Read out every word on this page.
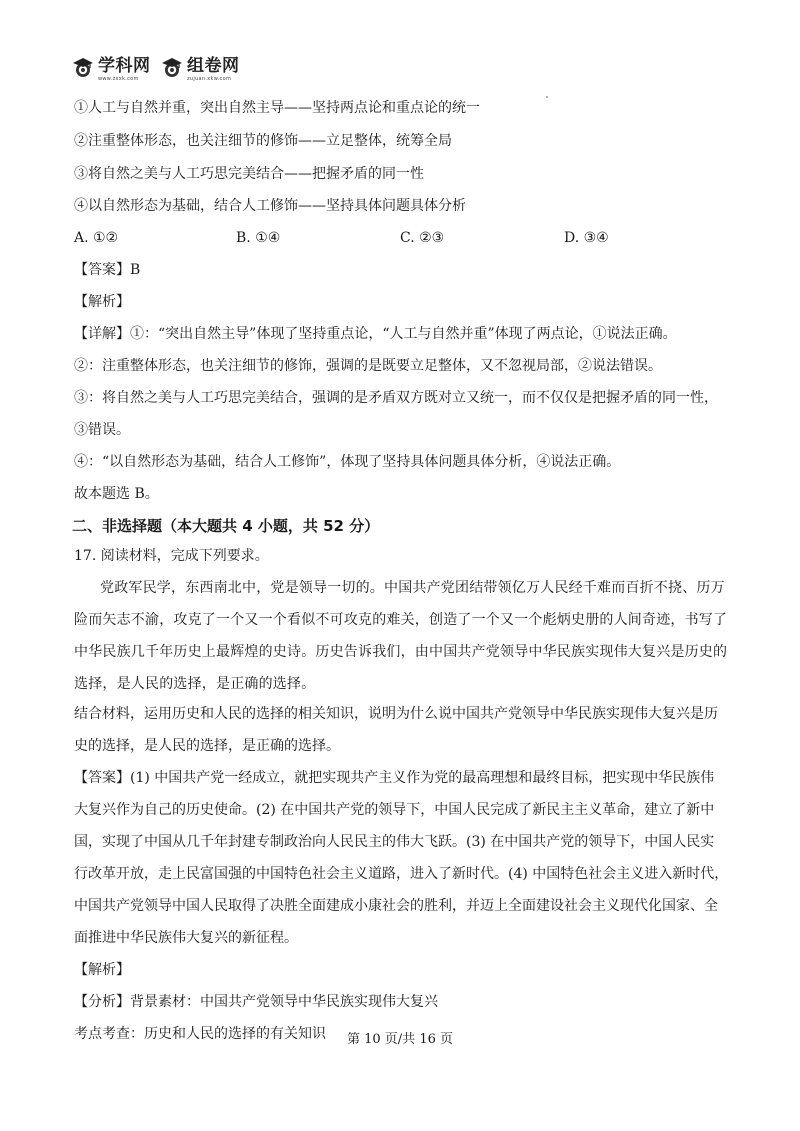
学科网
www.zxxk.com
组卷网
zujuan.xkw.com
①人工与自然并重，突出自然主导——坚持两点论和重点论的统一
②注重整体形态，也关注细节的修饰——立足整体，统筹全局
③将自然之美与人工巧思完美结合——把握矛盾的同一性
④以自然形态为基础，结合人工修饰——坚持具体问题具体分析
A. ①②	B. ①④	C. ②③	D. ③④
【答案】B
【解析】
【详解】①：“突出自然主导”体现了坚持重点论，“人工与自然并重”体现了两点论，①说法正确。
②：注重整体形态，也关注细节的修饰，强调的是既要立足整体，又不忽视局部，②说法错误。
③：将自然之美与人工巧思完美结合，强调的是矛盾双方既对立又统一，而不仅仅是把握矛盾的同一性，
③错误。
④：“以自然形态为基础，结合人工修饰”，体现了坚持具体问题具体分析，④说法正确。
故本题选 B。
二、非选择题（本大题共 4 小题，共 52 分）
17. 阅读材料，完成下列要求。
党政军民学，东西南北中，党是领导一切的。中国共产党团结带领亿万人民经千难而百折不挠、历万
险而矢志不渝，攻克了一个又一个看似不可攻克的难关，创造了一个又一个彪炳史册的人间奇迹，书写了
中华民族几千年历史上最辉煌的史诗。历史告诉我们，由中国共产党领导中华民族实现伟大复兴是历史的
选择，是人民的选择，是正确的选择。
结合材料，运用历史和人民的选择的相关知识，说明为什么说中国共产党领导中华民族实现伟大复兴是历
史的选择，是人民的选择，是正确的选择。
【答案】(1) 中国共产党一经成立，就把实现共产主义作为党的最高理想和最终目标，把实现中华民族伟
大复兴作为自己的历史使命。(2) 在中国共产党的领导下，中国人民完成了新民主主义革命，建立了新中
国，实现了中国从几千年封建专制政治向人民民主的伟大飞跃。(3) 在中国共产党的领导下，中国人民实
行改革开放，走上民富国强的中国特色社会主义道路，进入了新时代。(4) 中国特色社会主义进入新时代，
中国共产党领导中国人民取得了决胜全面建成小康社会的胜利，并迈上全面建设社会主义现代化国家、全
面推进中华民族伟大复兴的新征程。
【解析】
【分析】背景素材：中国共产党领导中华民族实现伟大复兴
考点考查：历史和人民的选择的有关知识	第 10 页/共 16 页
